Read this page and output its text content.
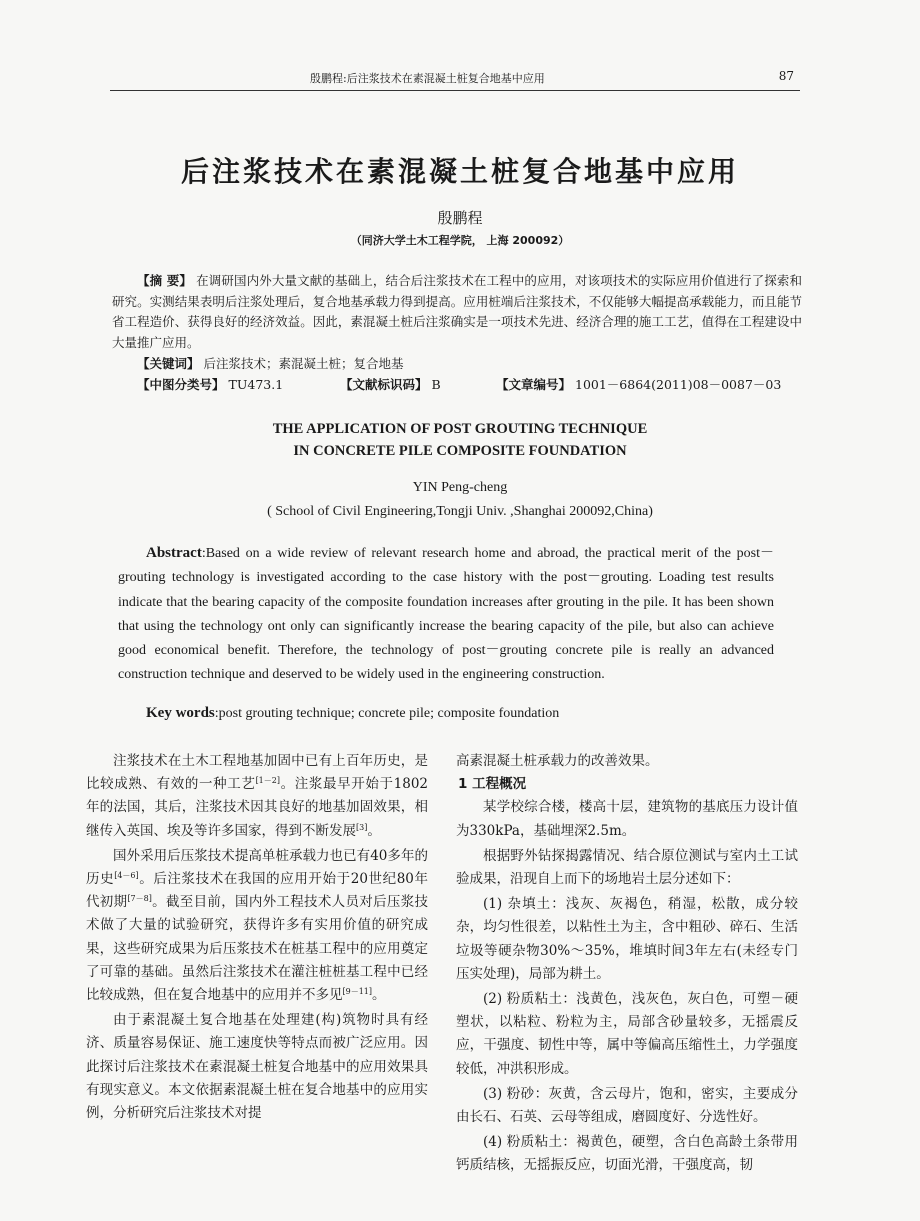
殷鹏程:后注浆技术在素混凝土桩复合地基中应用	87
后注浆技术在素混凝土桩复合地基中应用
殷鹏程
（同济大学土木工程学院， 上海 200092）
【摘 要】 在调研国内外大量文献的基础上，结合后注浆技术在工程中的应用，对该项技术的实际应用价值进行了探索和研究。实测结果表明后注浆处理后，复合地基承载力得到提高。应用桩端后注浆技术，不仅能够大幅提高承载能力，而且能节省工程造价、获得良好的经济效益。因此，素混凝土桩后注浆确实是一项技术先进、经济合理的施工工艺，值得在工程建设中大量推广应用。
【关键词】 后注浆技术；素混凝土桩；复合地基
【中图分类号】 TU473.1	【文献标识码】 B	【文章编号】 1001－6864(2011)08－0087－03
THE APPLICATION OF POST GROUTING TECHNIQUE
IN CONCRETE PILE COMPOSITE FOUNDATION
YIN Peng-cheng
( School of Civil Engineering,Tongji Univ. ,Shanghai 200092,China)
Abstract:Based on a wide review of relevant research home and abroad, the practical merit of the post－grouting technology is investigated according to the case history with the post－grouting. Loading test results indicate that the bearing capacity of the composite foundation increases after grouting in the pile. It has been shown that using the technology ont only can significantly increase the bearing capacity of the pile, but also can achieve good economical benefit. Therefore, the technology of post－grouting concrete pile is really an advanced construction technique and deserved to be widely used in the engineering construction.
Key words:post grouting technique; concrete pile; composite foundation

注浆技术在土木工程地基加固中已有上百年历史，是比较成熟、有效的一种工艺[1－2]。注浆最早开始于1802年的法国，其后，注浆技术因其良好的地基加固效果，相继传入英国、埃及等许多国家，得到不断发展[3]。

国外采用后压浆技术提高单桩承载力也已有40多年的历史[4－6]。后注浆技术在我国的应用开始于20世纪80年代初期[7－8]。截至目前，国内外工程技术人员对后压浆技术做了大量的试验研究，获得许多有实用价值的研究成果，这些研究成果为后压浆技术在桩基工程中的应用奠定了可靠的基础。虽然后注浆技术在灌注桩桩基工程中已经比较成熟，但在复合地基中的应用并不多见[9－11]。

由于素混凝土复合地基在处理建(构)筑物时具有经济、质量容易保证、施工速度快等特点而被广泛应用。因此探讨后注浆技术在素混凝土桩复合地基中的应用效果具有现实意义。本文依据素混凝土桩在复合地基中的应用实例，分析研究后注浆技术对提

高素混凝土桩承载力的改善效果。

1 工程概况

某学校综合楼，楼高十层，建筑物的基底压力设计值为330kPa，基础埋深2.5m。

根据野外钻探揭露情况、结合原位测试与室内土工试验成果，沿现自上而下的场地岩土层分述如下：

(1) 杂填土：浅灰、灰褐色，稍湿，松散，成分较杂，均匀性很差，以粘性土为主，含中粗砂、碎石、生活垃圾等硬杂物30%～35%，堆填时间3年左右(未经专门压实处理)，局部为耕土。

(2) 粉质粘土：浅黄色，浅灰色，灰白色，可塑－硬塑状，以粘粒、粉粒为主，局部含砂量较多，无摇震反应，干强度、韧性中等，属中等偏高压缩性土，力学强度较低，冲洪积形成。

(3) 粉砂：灰黄，含云母片，饱和，密实，主要成分由长石、石英、云母等组成，磨圆度好、分选性好。

(4) 粉质粘土：褐黄色，硬塑，含白色高龄土条带用钙质结核，无摇振反应，切面光滑，干强度高，韧
